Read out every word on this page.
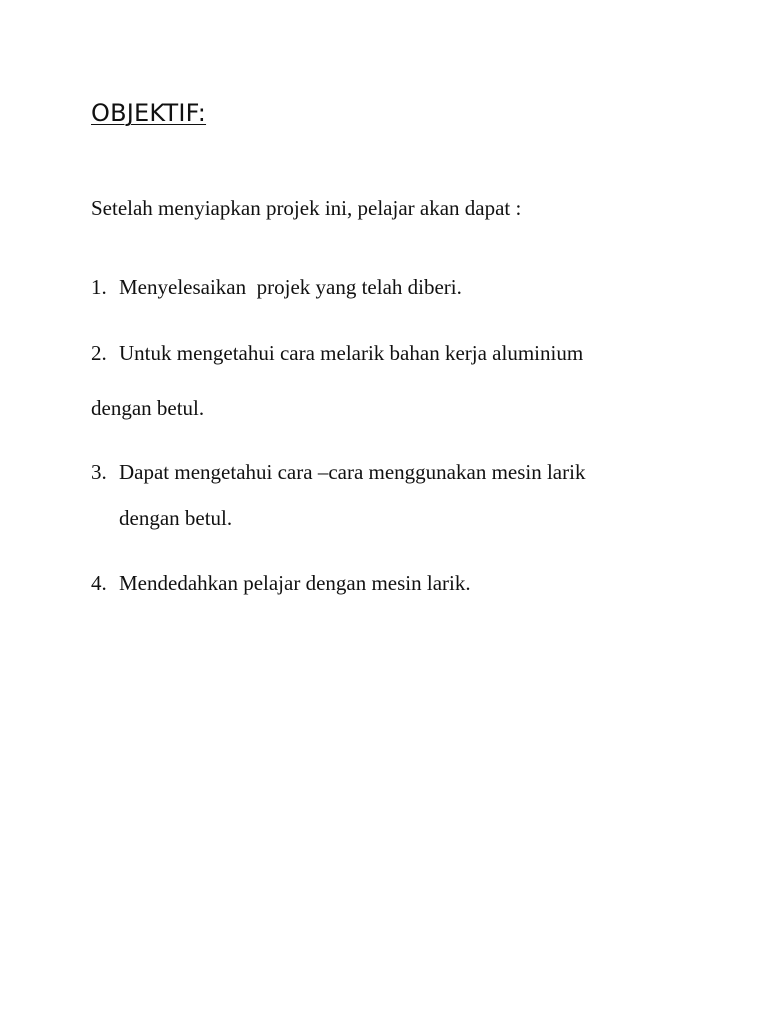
OBJEKTIF:
Setelah menyiapkan projek ini, pelajar akan dapat :
1. Menyelesaikan  projek yang telah diberi.
2. Untuk mengetahui cara melarik bahan kerja aluminium
dengan betul.
3. Dapat mengetahui cara –cara menggunakan mesin larik
dengan betul.
4. Mendedahkan pelajar dengan mesin larik.
